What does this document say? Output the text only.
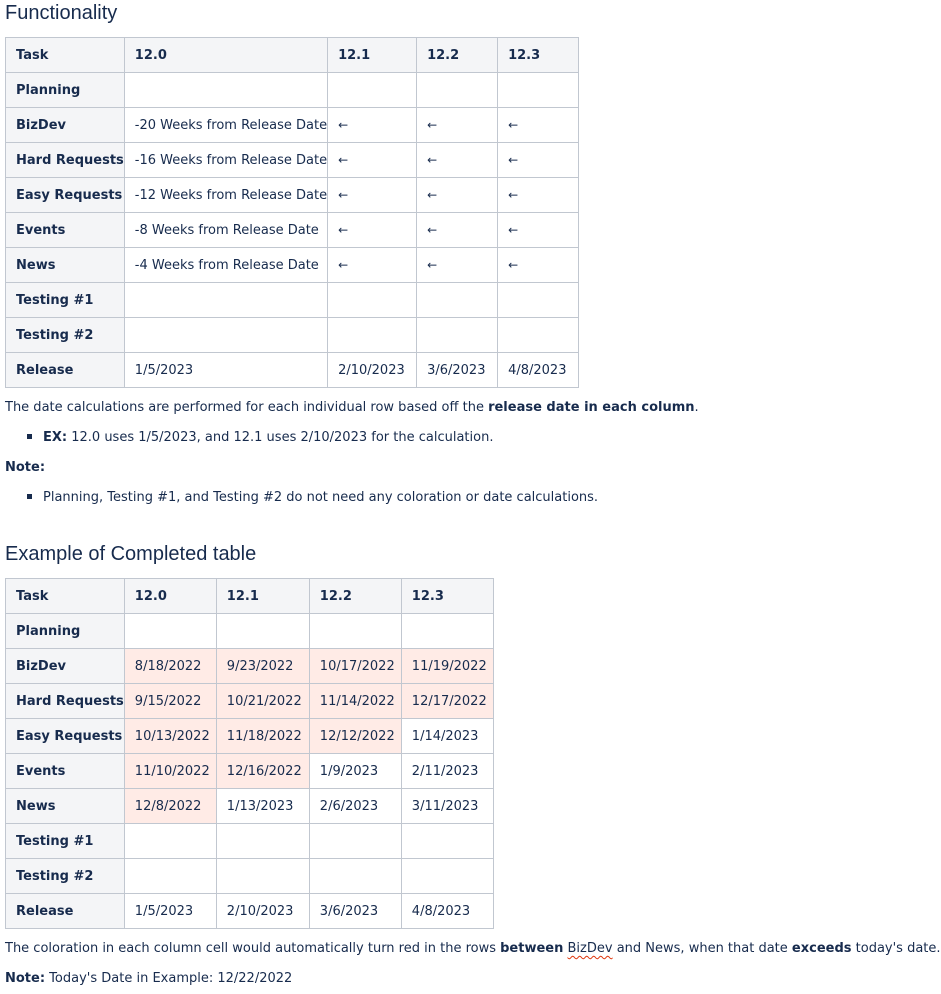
Functionality
Task	12.0	12.1	12.2	12.3
Planning				
BizDev	-20 Weeks from Release Date	←	←	←
Hard Requests	-16 Weeks from Release Date	←	←	←
Easy Requests	-12 Weeks from Release Date	←	←	←
Events	-8 Weeks from Release Date	←	←	←
News	-4 Weeks from Release Date	←	←	←
Testing #1				
Testing #2				
Release	1/5/2023	2/10/2023	3/6/2023	4/8/2023

The date calculations are performed for each individual row based off the release date in each column.

EX: 12.0 uses 1/5/2023, and 12.1 uses 2/10/2023 for the calculation.

Note:

Planning, Testing #1, and Testing #2 do not need any coloration or date calculations.

Example of Completed table
Task	12.0	12.1	12.2	12.3
Planning				
BizDev	8/18/2022	9/23/2022	10/17/2022	11/19/2022
Hard Requests	9/15/2022	10/21/2022	11/14/2022	12/17/2022
Easy Requests	10/13/2022	11/18/2022	12/12/2022	1/14/2023
Events	11/10/2022	12/16/2022	1/9/2023	2/11/2023
News	12/8/2022	1/13/2023	2/6/2023	3/11/2023
Testing #1				
Testing #2				
Release	1/5/2023	2/10/2023	3/6/2023	4/8/2023

The coloration in each column cell would automatically turn red in the rows between BizDev and News, when that date exceeds today's date.

Note: Today's Date in Example: 12/22/2022
